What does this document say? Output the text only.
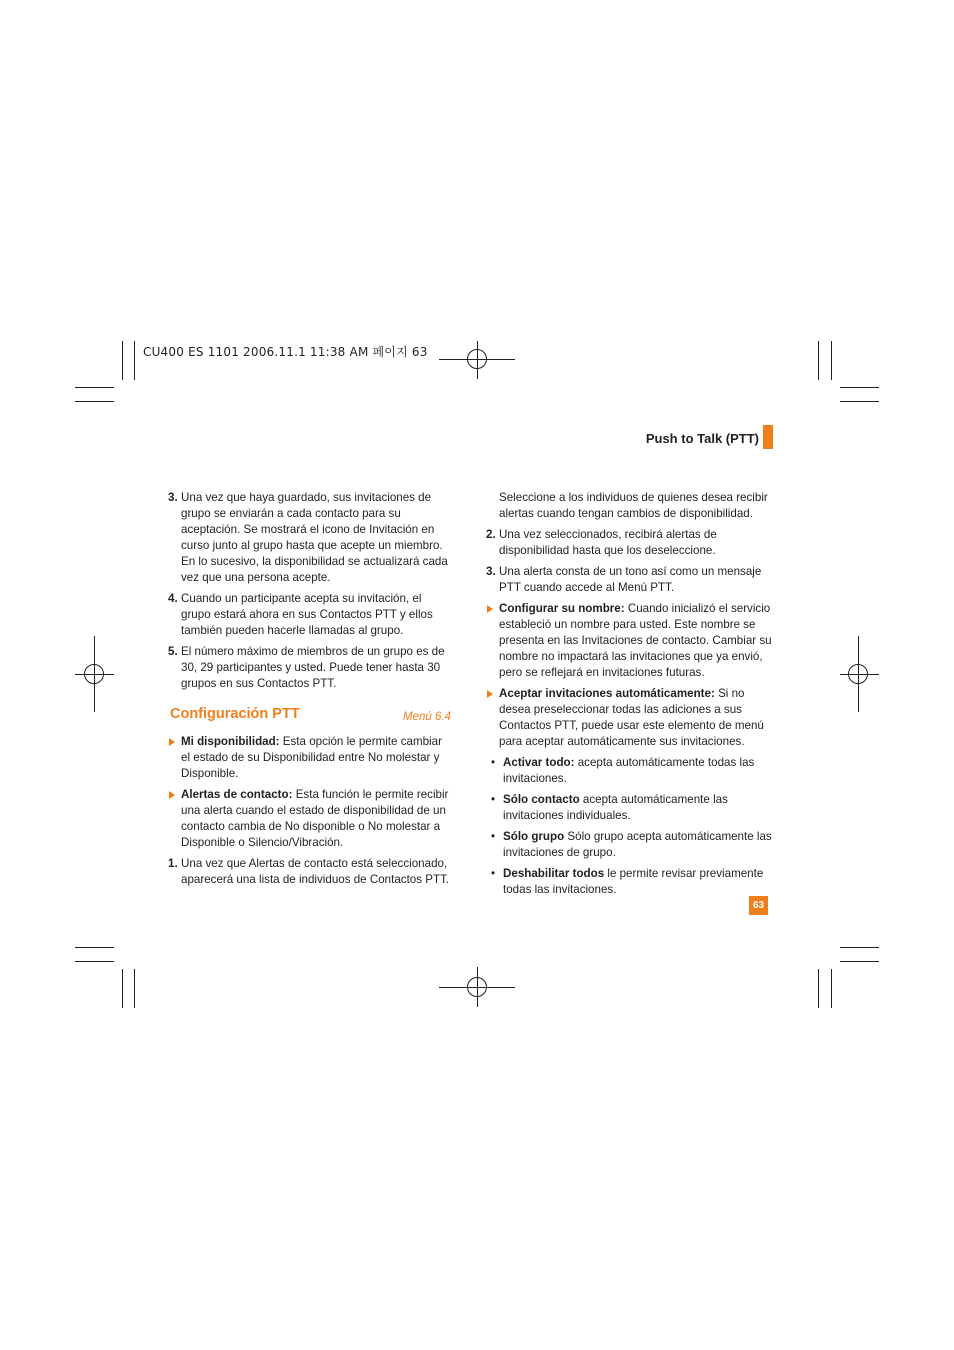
CU400 ES 1101 2006.11.1 11:38 AM 페이지 63
Push to Talk (PTT)
3. Una vez que haya guardado, sus invitaciones de grupo se enviarán a cada contacto para su aceptación. Se mostrará el icono de Invitación en curso junto al grupo hasta que acepte un miembro. En lo sucesivo, la disponibilidad se actualizará cada vez que una persona acepte.
4. Cuando un participante acepta su invitación, el grupo estará ahora en sus Contactos PTT y ellos también pueden hacerle llamadas al grupo.
5. El número máximo de miembros de un grupo es de 30, 29 participantes y usted. Puede tener hasta 30 grupos en sus Contactos PTT.
Configuración PTT	Menú 6.4
Mi disponibilidad: Esta opción le permite cambiar el estado de su Disponibilidad entre No molestar y Disponible.
Alertas de contacto: Esta función le permite recibir una alerta cuando el estado de disponibilidad de un contacto cambia de No disponible o No molestar a Disponible o Silencio/Vibración.
1. Una vez que Alertas de contacto está seleccionado, aparecerá una lista de individuos de Contactos PTT.
Seleccione a los individuos de quienes desea recibir alertas cuando tengan cambios de disponibilidad.
2. Una vez seleccionados, recibirá alertas de disponibilidad hasta que los deseleccione.
3. Una alerta consta de un tono así como un mensaje PTT cuando accede al Menú PTT.
Configurar su nombre: Cuando inicializó el servicio estableció un nombre para usted. Este nombre se presenta en las Invitaciones de contacto. Cambiar su nombre no impactará las invitaciones que ya envió, pero se reflejará en invitaciones futuras.
Aceptar invitaciones automáticamente: Si no desea preseleccionar todas las adiciones a sus Contactos PTT, puede usar este elemento de menú para aceptar automáticamente sus invitaciones.
• Activar todo: acepta automáticamente todas las invitaciones.
• Sólo contacto acepta automáticamente las invitaciones individuales.
• Sólo grupo Sólo grupo acepta automáticamente las invitaciones de grupo.
• Deshabilitar todos le permite revisar previamente todas las invitaciones.
63
